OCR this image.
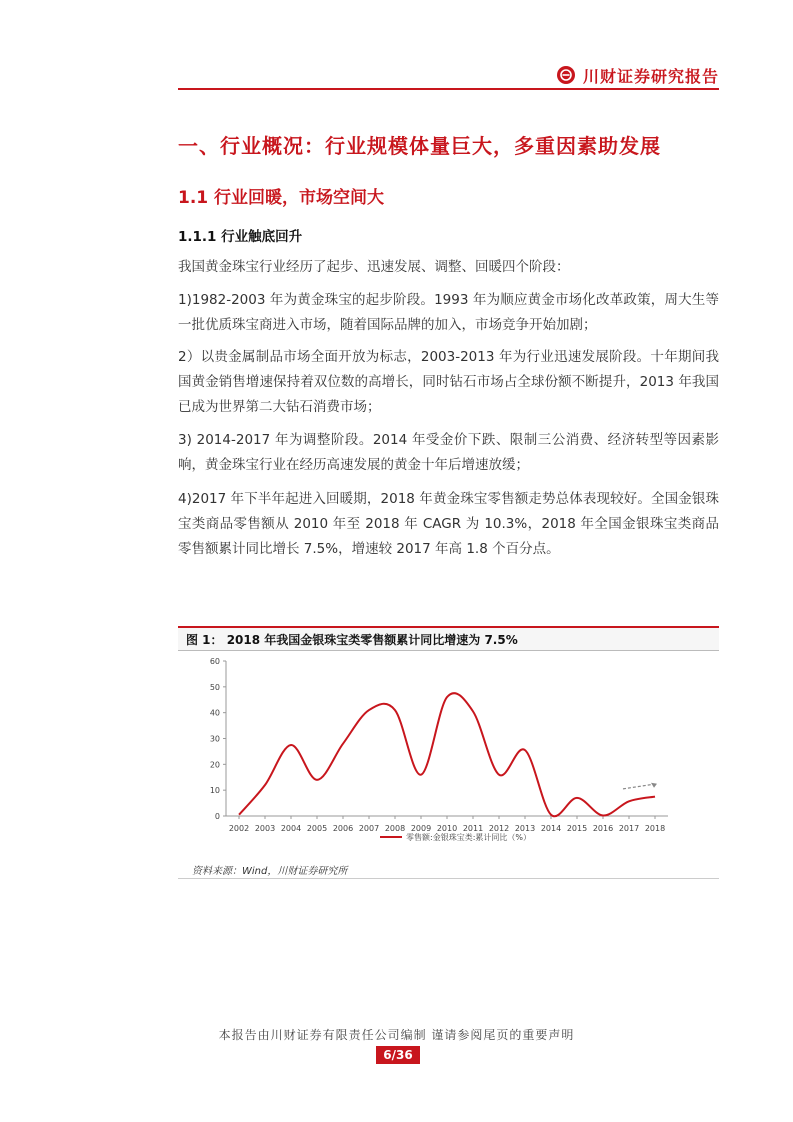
川财证券研究报告
一、行业概况：行业规模体量巨大，多重因素助发展
1.1 行业回暖，市场空间大
1.1.1 行业触底回升
我国黄金珠宝行业经历了起步、迅速发展、调整、回暖四个阶段：
1)1982-2003 年为黄金珠宝的起步阶段。1993 年为顺应黄金市场化改革政策，周大生等一批优质珠宝商进入市场，随着国际品牌的加入，市场竞争开始加剧；
2）以贵金属制品市场全面开放为标志，2003-2013 年为行业迅速发展阶段。十年期间我国黄金销售增速保持着双位数的高增长，同时钻石市场占全球份额不断提升，2013 年我国已成为世界第二大钻石消费市场；
3) 2014-2017 年为调整阶段。2014 年受金价下跌、限制三公消费、经济转型等因素影响，黄金珠宝行业在经历高速发展的黄金十年后增速放缓；
4)2017 年下半年起进入回暖期，2018 年黄金珠宝零售额走势总体表现较好。全国金银珠宝类商品零售额从 2010 年至 2018 年 CAGR 为 10.3%，2018 年全国金银珠宝类商品零售额累计同比增长 7.5%，增速较 2017 年高 1.8 个百分点。
图 1： 2018 年我国金银珠宝类零售额累计同比增速为 7.5%
0
10
20
30
40
50
60
2002 2003 2004 2005 2006 2007 2008 2009 2010 2011 2012 2013 2014 2015 2016 2017 2018
零售额:金银珠宝类:累计同比（%）
资料来源：Wind，川财证券研究所
本报告由川财证券有限责任公司编制 谨请参阅尾页的重要声明
6/36
